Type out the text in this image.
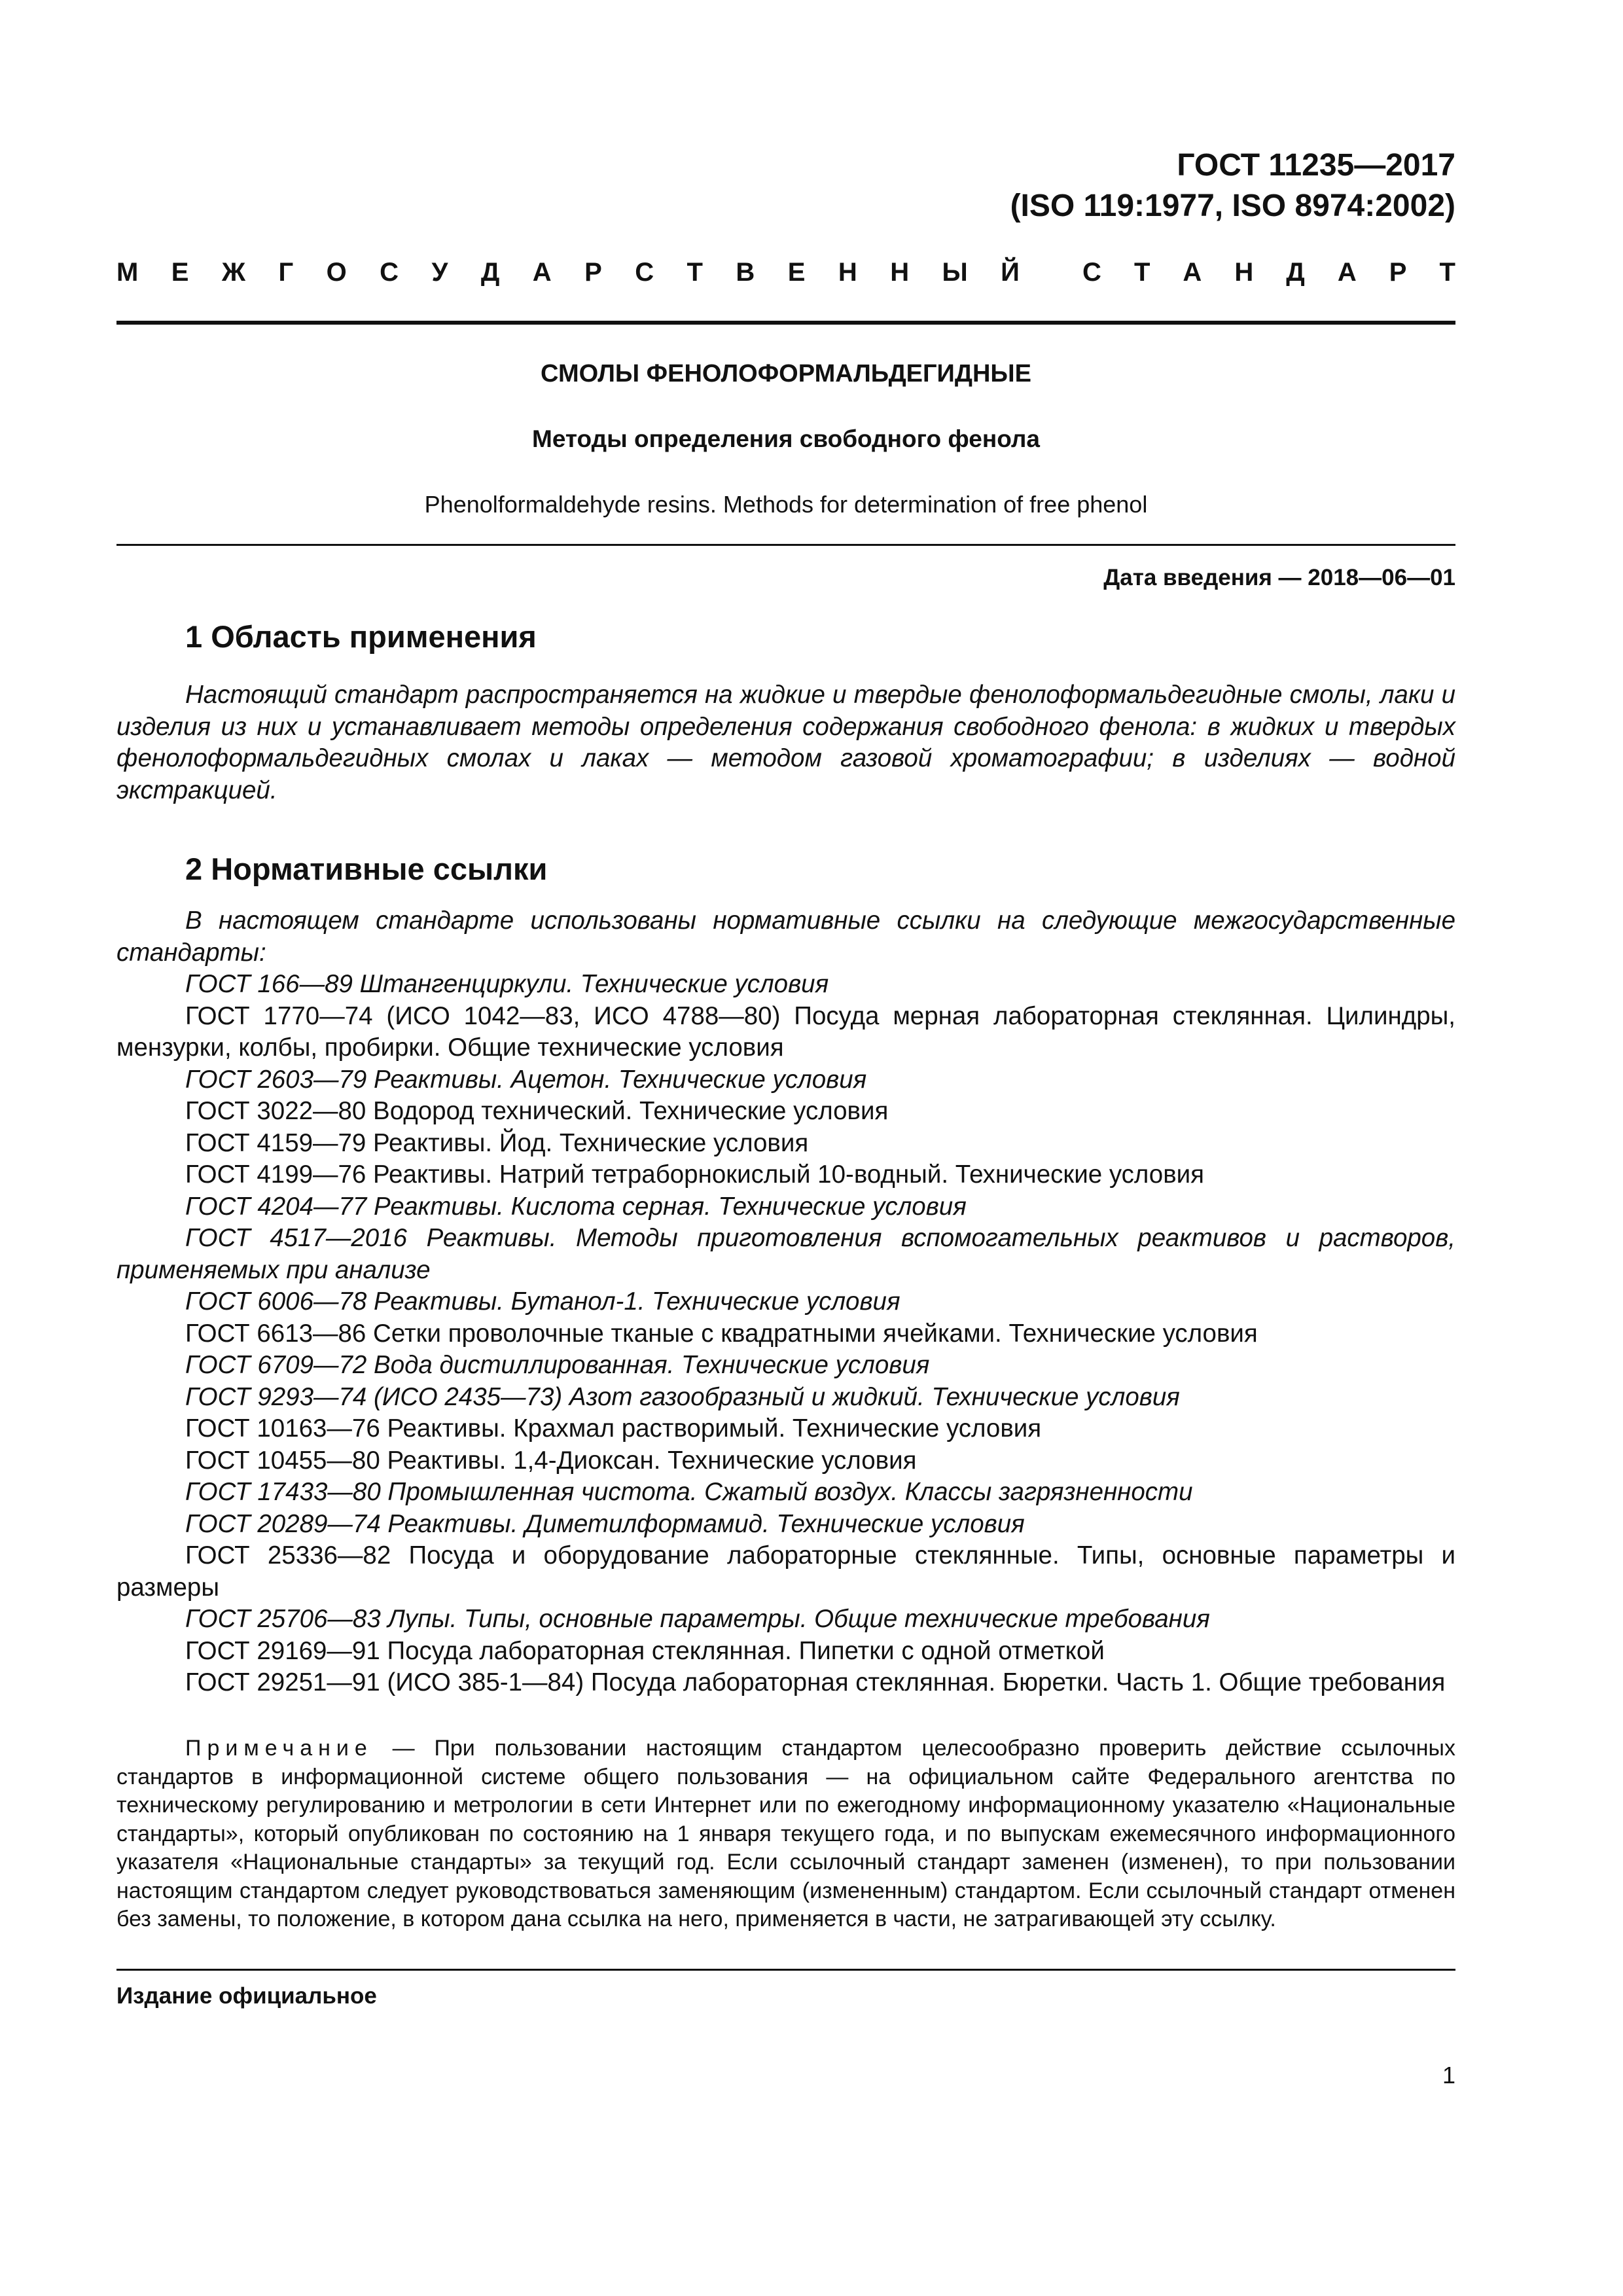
ГОСТ 11235—2017
(ISO 119:1977, ISO 8974:2002)
М Е Ж Г О С У Д А Р С Т В Е Н Н Ы Й С Т А Н Д А Р Т
СМОЛЫ ФЕНОЛОФОРМАЛЬДЕГИДНЫЕ
Методы определения свободного фенола
Phenolformaldehyde resins. Methods for determination of free phenol
Дата введения — 2018—06—01
1 Область применения

Настоящий стандарт распространяется на жидкие и твердые фенолоформальдегидные смолы, лаки и изделия из них и устанавливает методы определения содержания свободного фенола: в жидких и твердых фенолоформальдегидных смолах и лаках — методом газовой хроматографии; в изделиях — водной экстракцией.

2 Нормативные ссылки
В настоящем стандарте использованы нормативные ссылки на следующие межгосударственные стандарты:
ГОСТ 166—89 Штангенциркули. Технические условия
ГОСТ 1770—74 (ИСО 1042—83, ИСО 4788—80) Посуда мерная лабораторная стеклянная. Цилиндры, мензурки, колбы, пробирки. Общие технические условия
ГОСТ 2603—79 Реактивы. Ацетон. Технические условия
ГОСТ 3022—80 Водород технический. Технические условия
ГОСТ 4159—79 Реактивы. Йод. Технические условия
ГОСТ 4199—76 Реактивы. Натрий тетраборнокислый 10-водный. Технические условия
ГОСТ 4204—77 Реактивы. Кислота серная. Технические условия
ГОСТ 4517—2016 Реактивы. Методы приготовления вспомогательных реактивов и растворов, применяемых при анализе
ГОСТ 6006—78 Реактивы. Бутанол-1. Технические условия
ГОСТ 6613—86 Сетки проволочные тканые с квадратными ячейками. Технические условия
ГОСТ 6709—72 Вода дистиллированная. Технические условия
ГОСТ 9293—74 (ИСО 2435—73) Азот газообразный и жидкий. Технические условия
ГОСТ 10163—76 Реактивы. Крахмал растворимый. Технические условия
ГОСТ 10455—80 Реактивы. 1,4-Диоксан. Технические условия
ГОСТ 17433—80 Промышленная чистота. Сжатый воздух. Классы загрязненности
ГОСТ 20289—74 Реактивы. Диметилформамид. Технические условия
ГОСТ 25336—82 Посуда и оборудование лабораторные стеклянные. Типы, основные параметры и размеры
ГОСТ 25706—83 Лупы. Типы, основные параметры. Общие технические требования
ГОСТ 29169—91 Посуда лабораторная стеклянная. Пипетки с одной отметкой
ГОСТ 29251—91 (ИСО 385-1—84) Посуда лабораторная стеклянная. Бюретки. Часть 1. Общие требования
Примечание — При пользовании настоящим стандартом целесообразно проверить действие ссылочных стандартов в информационной системе общего пользования — на официальном сайте Федерального агентства по техническому регулированию и метрологии в сети Интернет или по ежегодному информационному указателю «Национальные стандарты», который опубликован по состоянию на 1 января текущего года, и по выпускам ежемесячного информационного указателя «Национальные стандарты» за текущий год. Если ссылочный стандарт заменен (изменен), то при пользовании настоящим стандартом следует руководствоваться заменяющим (измененным) стандартом. Если ссылочный стандарт отменен без замены, то положение, в котором дана ссылка на него, применяется в части, не затрагивающей эту ссылку.
Издание официальное
1
